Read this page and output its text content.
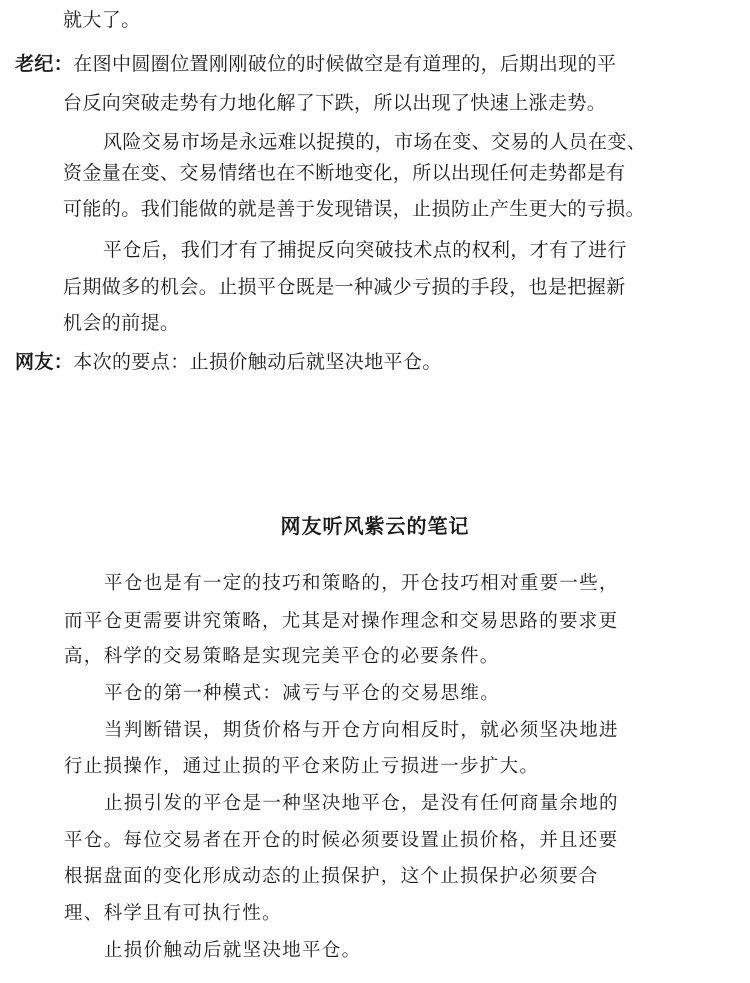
就大了。
老纪：在图中圆圈位置刚刚破位的时候做空是有道理的，后期出现的平
台反向突破走势有力地化解了下跌，所以出现了快速上涨走势。
风险交易市场是永远难以捉摸的，市场在变、交易的人员在变、
资金量在变、交易情绪也在不断地变化，所以出现任何走势都是有
可能的。我们能做的就是善于发现错误，止损防止产生更大的亏损。
平仓后，我们才有了捕捉反向突破技术点的权利，才有了进行
后期做多的机会。止损平仓既是一种减少亏损的手段，也是把握新
机会的前提。
网友：本次的要点：止损价触动后就坚决地平仓。
网友听风紫云的笔记
平仓也是有一定的技巧和策略的，开仓技巧相对重要一些，
而平仓更需要讲究策略，尤其是对操作理念和交易思路的要求更
高，科学的交易策略是实现完美平仓的必要条件。
平仓的第一种模式：减亏与平仓的交易思维。
当判断错误，期货价格与开仓方向相反时，就必须坚决地进
行止损操作，通过止损的平仓来防止亏损进一步扩大。
止损引发的平仓是一种坚决地平仓，是没有任何商量余地的
平仓。每位交易者在开仓的时候必须要设置止损价格，并且还要
根据盘面的变化形成动态的止损保护，这个止损保护必须要合
理、科学且有可执行性。
止损价触动后就坚决地平仓。
